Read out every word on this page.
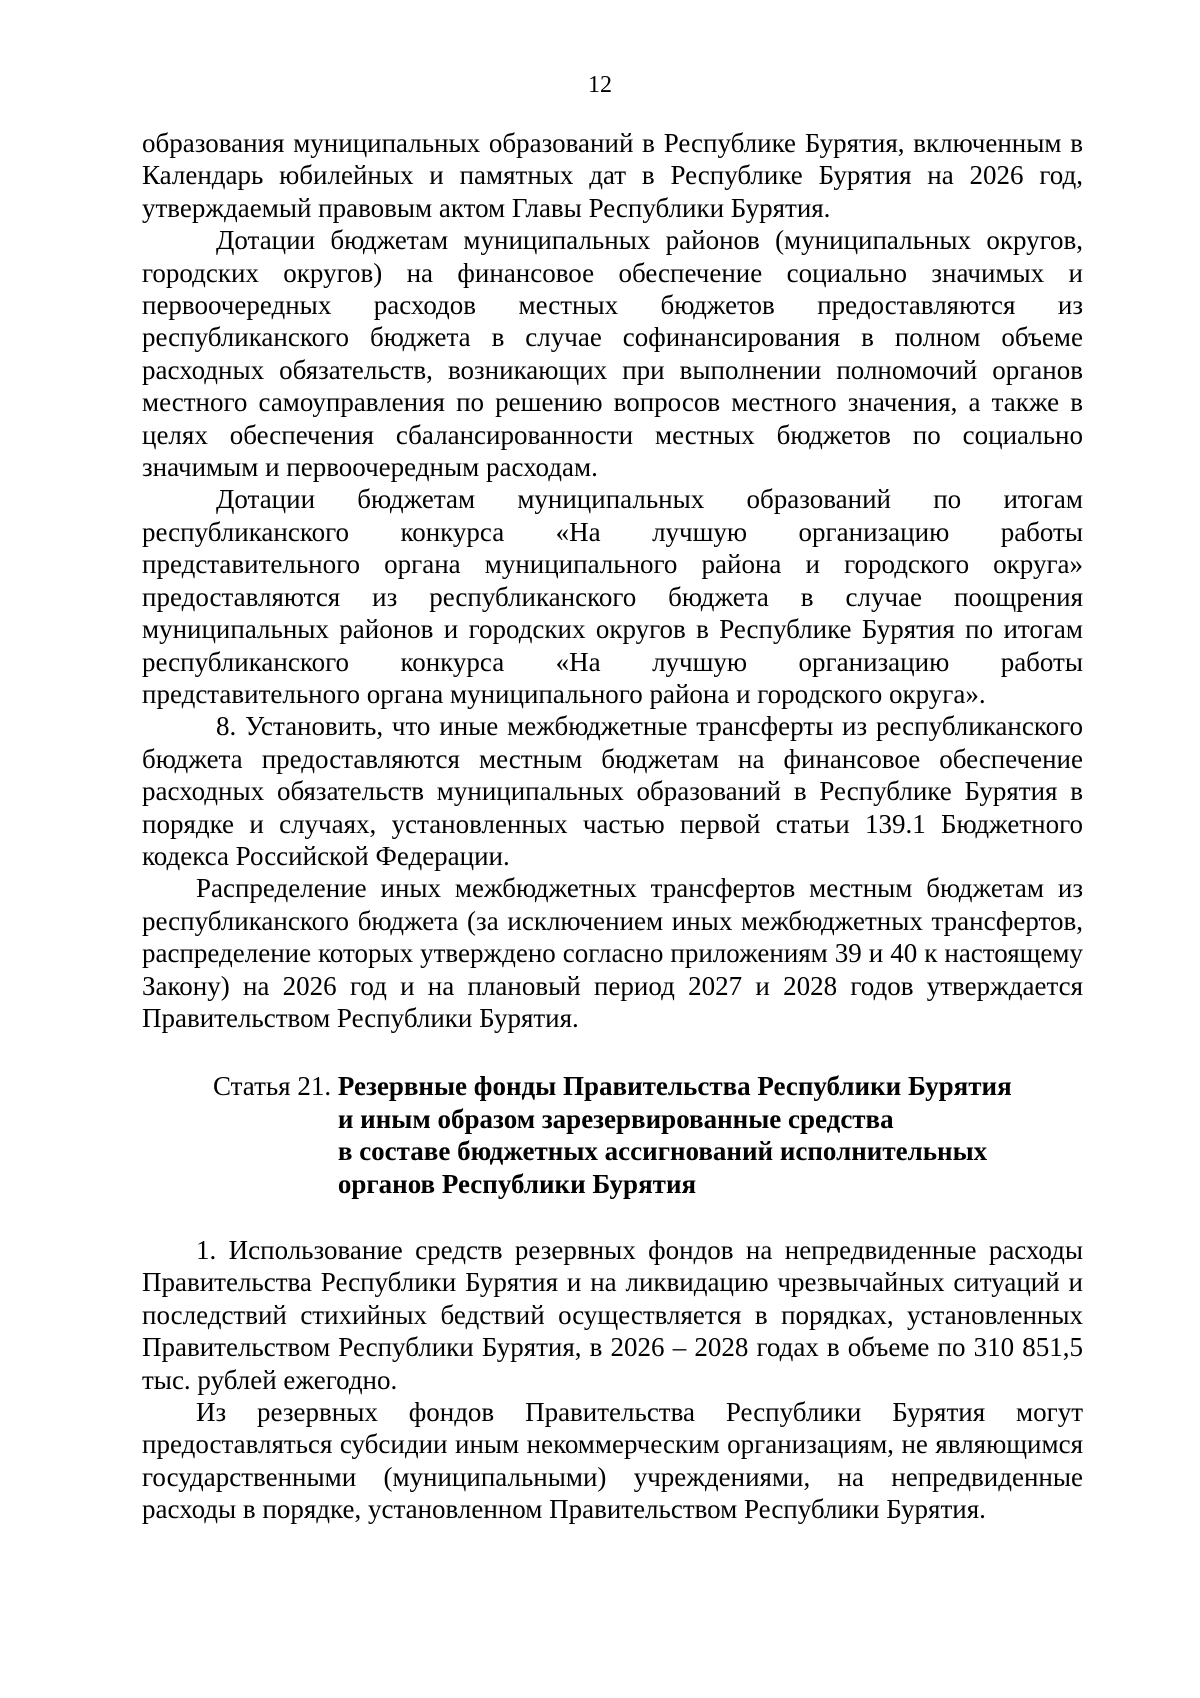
12

образования муниципальных образований в Республике Бурятия, включенным в Календарь юбилейных и памятных дат в Республике Бурятия на 2026 год, утверждаемый правовым актом Главы Республики Бурятия.

Дотации бюджетам муниципальных районов (муниципальных округов, городских округов) на финансовое обеспечение социально значимых и первоочередных расходов местных бюджетов предоставляются из республиканского бюджета в случае софинансирования в полном объеме расходных обязательств, возникающих при выполнении полномочий органов местного самоуправления по решению вопросов местного значения, а также в целях обеспечения сбалансированности местных бюджетов по социально значимым и первоочередным расходам.

Дотации бюджетам муниципальных образований по итогам республиканского конкурса «На лучшую организацию работы представительного органа муниципального района и городского округа» предоставляются из республиканского бюджета в случае поощрения муниципальных районов и городских округов в Республике Бурятия по итогам республиканского конкурса «На лучшую организацию работы представительного органа муниципального района и городского округа».

8. Установить, что иные межбюджетные трансферты из республиканского бюджета предоставляются местным бюджетам на финансовое обеспечение расходных обязательств муниципальных образований в Республике Бурятия в порядке и случаях, установленных частью первой статьи 139.1 Бюджетного кодекса Российской Федерации.

Распределение иных межбюджетных трансфертов местным бюджетам из республиканского бюджета (за исключением иных межбюджетных трансфертов, распределение которых утверждено согласно приложениям 39 и 40 к настоящему Закону) на 2026 год и на плановый период 2027 и 2028 годов утверждается Правительством Республики Бурятия.

Статья 21. Резервные фонды Правительства Республики Бурятия
и иным образом зарезервированные средства
в составе бюджетных ассигнований исполнительных
органов Республики Бурятия

1. Использование средств резервных фондов на непредвиденные расходы Правительства Республики Бурятия и на ликвидацию чрезвычайных ситуаций и последствий стихийных бедствий осуществляется в порядках, установленных Правительством Республики Бурятия, в 2026 – 2028 годах в объеме по 310 851,5 тыс. рублей ежегодно.

Из резервных фондов Правительства Республики Бурятия могут предоставляться субсидии иным некоммерческим организациям, не являющимся государственными (муниципальными) учреждениями, на непредвиденные расходы в порядке, установленном Правительством Республики Бурятия.
